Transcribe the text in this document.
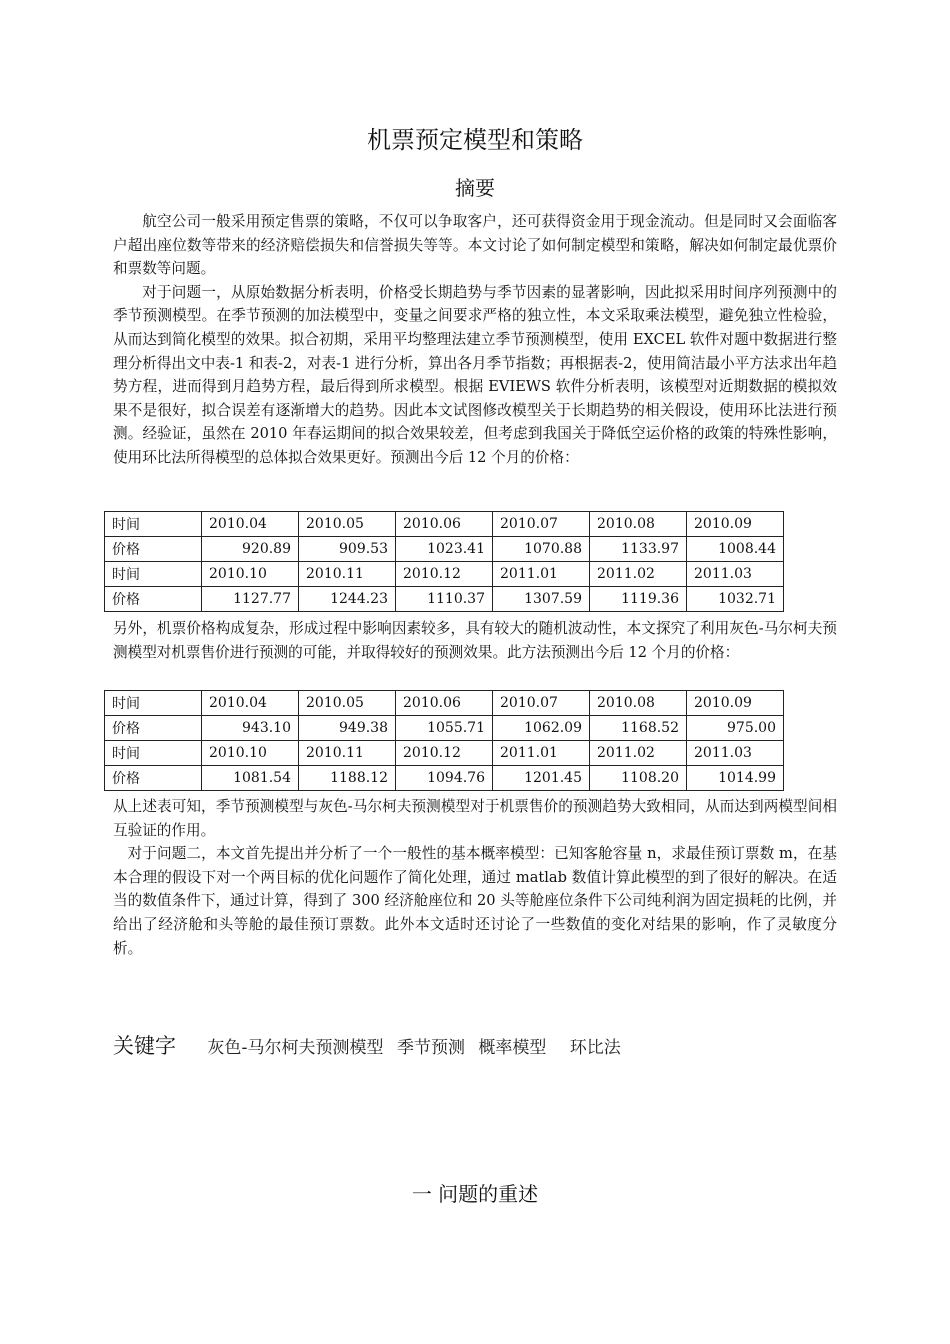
机票预定模型和策略
摘要

航空公司一般采用预定售票的策略，不仅可以争取客户，还可获得资金用于现金流动。但是同时又会面临客户超出座位数等带来的经济赔偿损失和信誉损失等等。本文讨论了如何制定模型和策略，解决如何制定最优票价和票数等问题。

对于问题一，从原始数据分析表明，价格受长期趋势与季节因素的显著影响，因此拟采用时间序列预测中的季节预测模型。在季节预测的加法模型中，变量之间要求严格的独立性，本文采取乘法模型，避免独立性检验，从而达到简化模型的效果。拟合初期，采用平均整理法建立季节预测模型，使用 EXCEL 软件对题中数据进行整理分析得出文中表-1 和表-2，对表-1 进行分析，算出各月季节指数；再根据表-2，使用简洁最小平方法求出年趋势方程，进而得到月趋势方程，最后得到所求模型。根据 EVIEWS 软件分析表明，该模型对近期数据的模拟效果不是很好，拟合误差有逐渐增大的趋势。因此本文试图修改模型关于长期趋势的相关假设，使用环比法进行预测。经验证，虽然在 2010 年春运期间的拟合效果较差，但考虑到我国关于降低空运价格的政策的特殊性影响，使用环比法所得模型的总体拟合效果更好。预测出今后 12 个月的价格：

时间	2010.04	2010.05	2010.06	2010.07	2010.08	2010.09
价格	920.89	909.53	1023.41	1070.88	1133.97	1008.44
时间	2010.10	2010.11	2010.12	2011.01	2011.02	2011.03
价格	1127.77	1244.23	1110.37	1307.59	1119.36	1032.71

另外，机票价格构成复杂，形成过程中影响因素较多，具有较大的随机波动性，本文探究了利用灰色-马尔柯夫预测模型对机票售价进行预测的可能，并取得较好的预测效果。此方法预测出今后 12 个月的价格：

时间	2010.04	2010.05	2010.06	2010.07	2010.08	2010.09
价格	943.10	949.38	1055.71	1062.09	1168.52	975.00
时间	2010.10	2010.11	2010.12	2011.01	2011.02	2011.03
价格	1081.54	1188.12	1094.76	1201.45	1108.20	1014.99

从上述表可知，季节预测模型与灰色-马尔柯夫预测模型对于机票售价的预测趋势大致相同，从而达到两模型间相互验证的作用。

对于问题二，本文首先提出并分析了一个一般性的基本概率模型：已知客舱容量 n，求最佳预订票数 m，在基本合理的假设下对一个两目标的优化问题作了简化处理，通过 matlab 数值计算此模型的到了很好的解决。在适当的数值条件下，通过计算，得到了 300 经济舱座位和 20 头等舱座位条件下公司纯利润为固定损耗的比例，并给出了经济舱和头等舱的最佳预订票数。此外本文适时还讨论了一些数值的变化对结果的影响，作了灵敏度分析。

关键字 灰色-马尔柯夫预测模型 季节预测 概率模型 环比法
一 问题的重述
